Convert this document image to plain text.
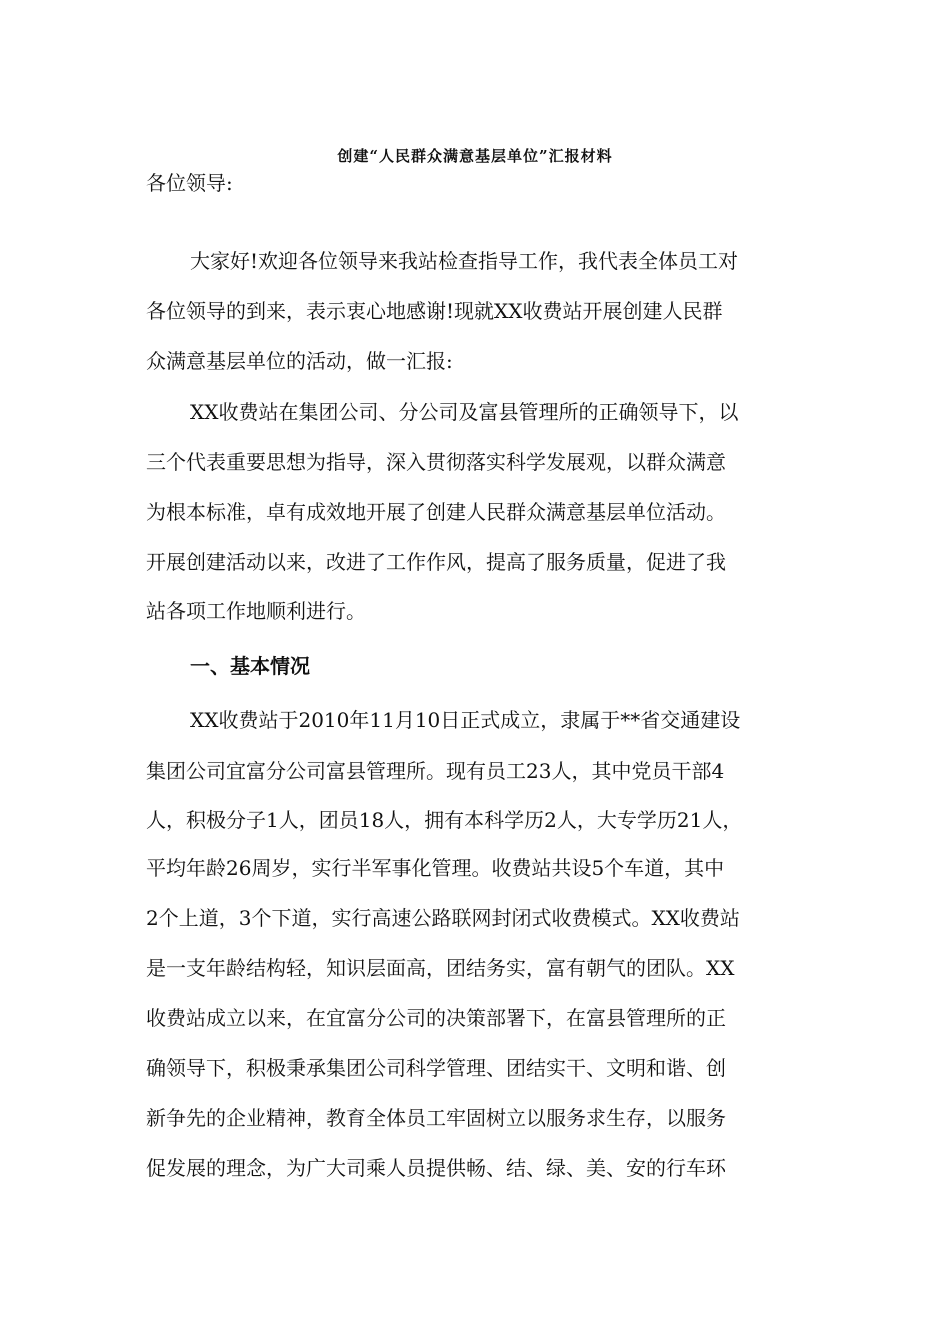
创建“人民群众满意基层单位”汇报材料
各位领导:
大家好!欢迎各位领导来我站检查指导工作，我代表全体员工对
各位领导的到来，表示衷心地感谢!现就XX收费站开展创建人民群
众满意基层单位的活动，做一汇报:
XX收费站在集团公司、分公司及富县管理所的正确领导下，以
三个代表重要思想为指导，深入贯彻落实科学发展观，以群众满意
为根本标准，卓有成效地开展了创建人民群众满意基层单位活动。
开展创建活动以来，改进了工作作风，提高了服务质量，促进了我
站各项工作地顺利进行。
一、基本情况
XX收费站于2010年11月10日正式成立，隶属于**省交通建设
集团公司宜富分公司富县管理所。现有员工23人，其中党员干部4
人，积极分子1人，团员18人，拥有本科学历2人，大专学历21人，
平均年龄26周岁，实行半军事化管理。收费站共设5个车道，其中
2个上道，3个下道，实行高速公路联网封闭式收费模式。XX收费站
是一支年龄结构轻，知识层面高，团结务实，富有朝气的团队。XX
收费站成立以来，在宜富分公司的决策部署下，在富县管理所的正
确领导下，积极秉承集团公司科学管理、团结实干、文明和谐、创
新争先的企业精神，教育全体员工牢固树立以服务求生存，以服务
促发展的理念，为广大司乘人员提供畅、结、绿、美、安的行车环
